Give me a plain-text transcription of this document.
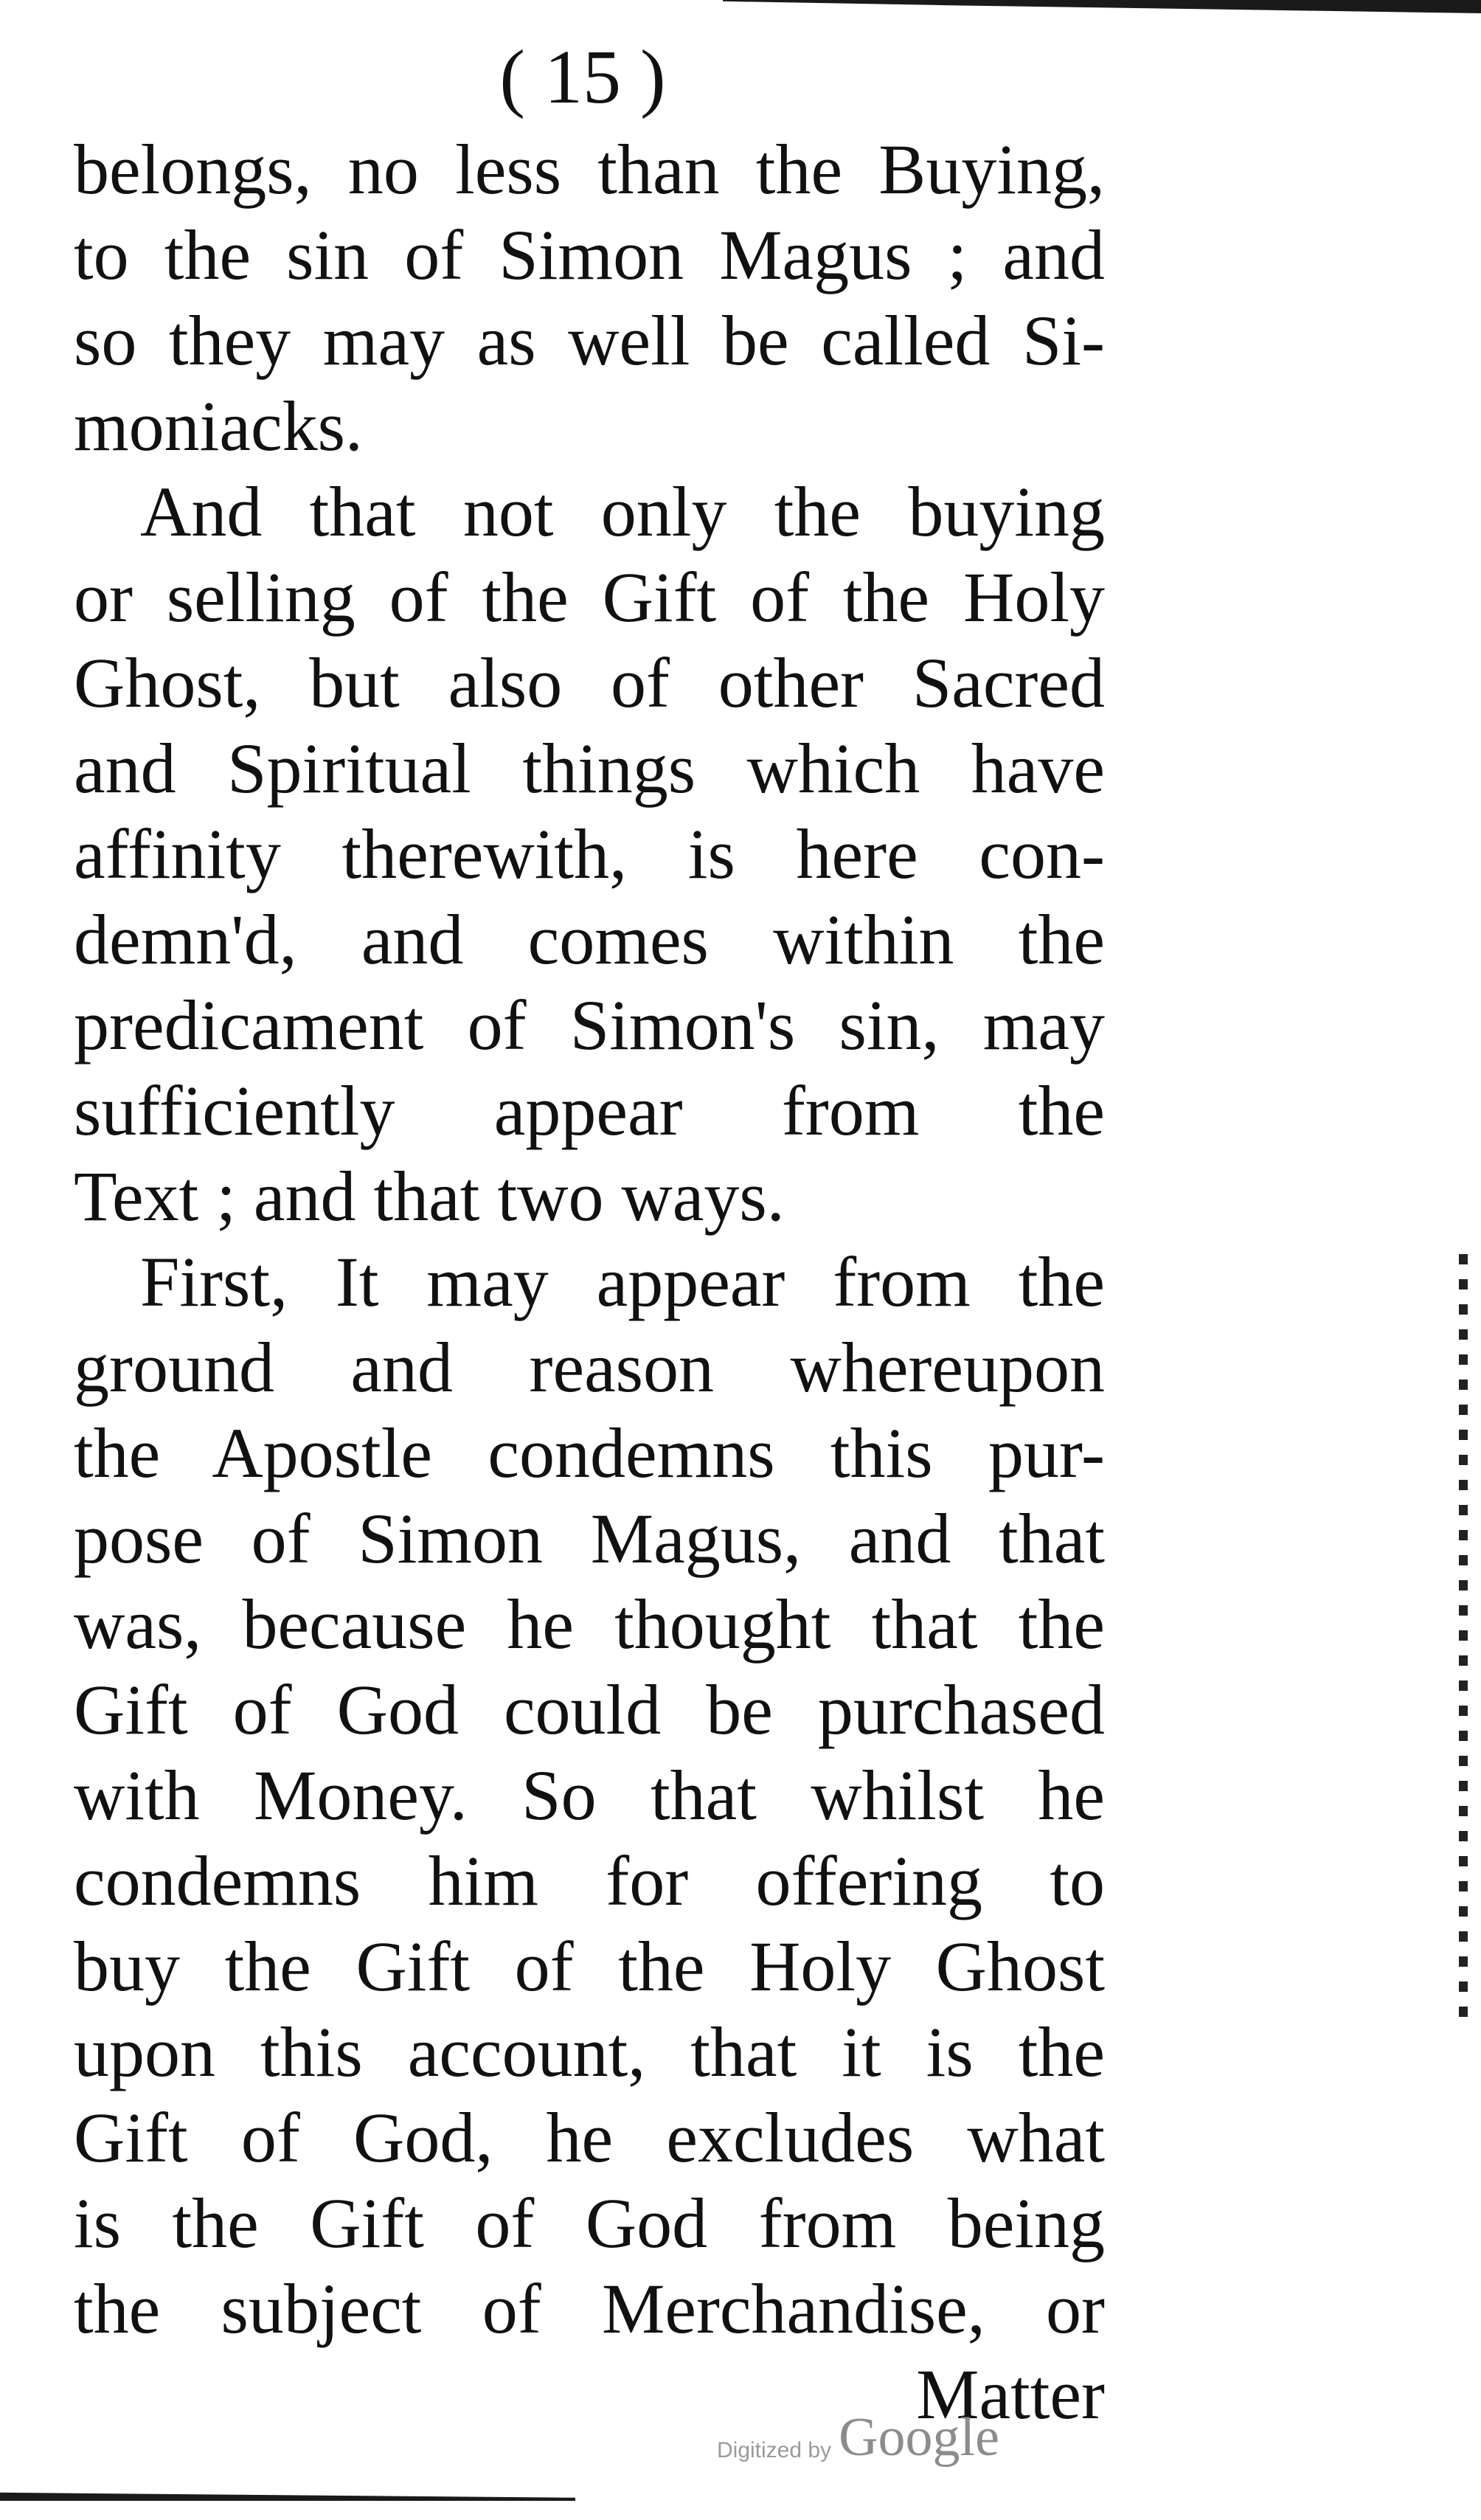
( 15 )
belongs, no less than the Buying,
to the sin of Simon Magus ; and
so they may as well be called Si-
moniacks.
And that not only the buying
or selling of the Gift of the Holy
Ghost, but also of other Sacred
and Spiritual things which have
affinity therewith, is here con-
demn'd, and comes within the
predicament of Simon's sin, may
sufficiently appear from the
Text ; and that two ways.
First, It may appear from the
ground and reason whereupon
the Apostle condemns this pur-
pose of Simon Magus, and that
was, because he thought that the
Gift of God could be purchased
with Money. So that whilst he
condemns him for offering to
buy the Gift of the Holy Ghost
upon this account, that it is the
Gift of God, he excludes what
is the Gift of God from being
the subject of Merchandise, or
Matter
Digitized by Google
